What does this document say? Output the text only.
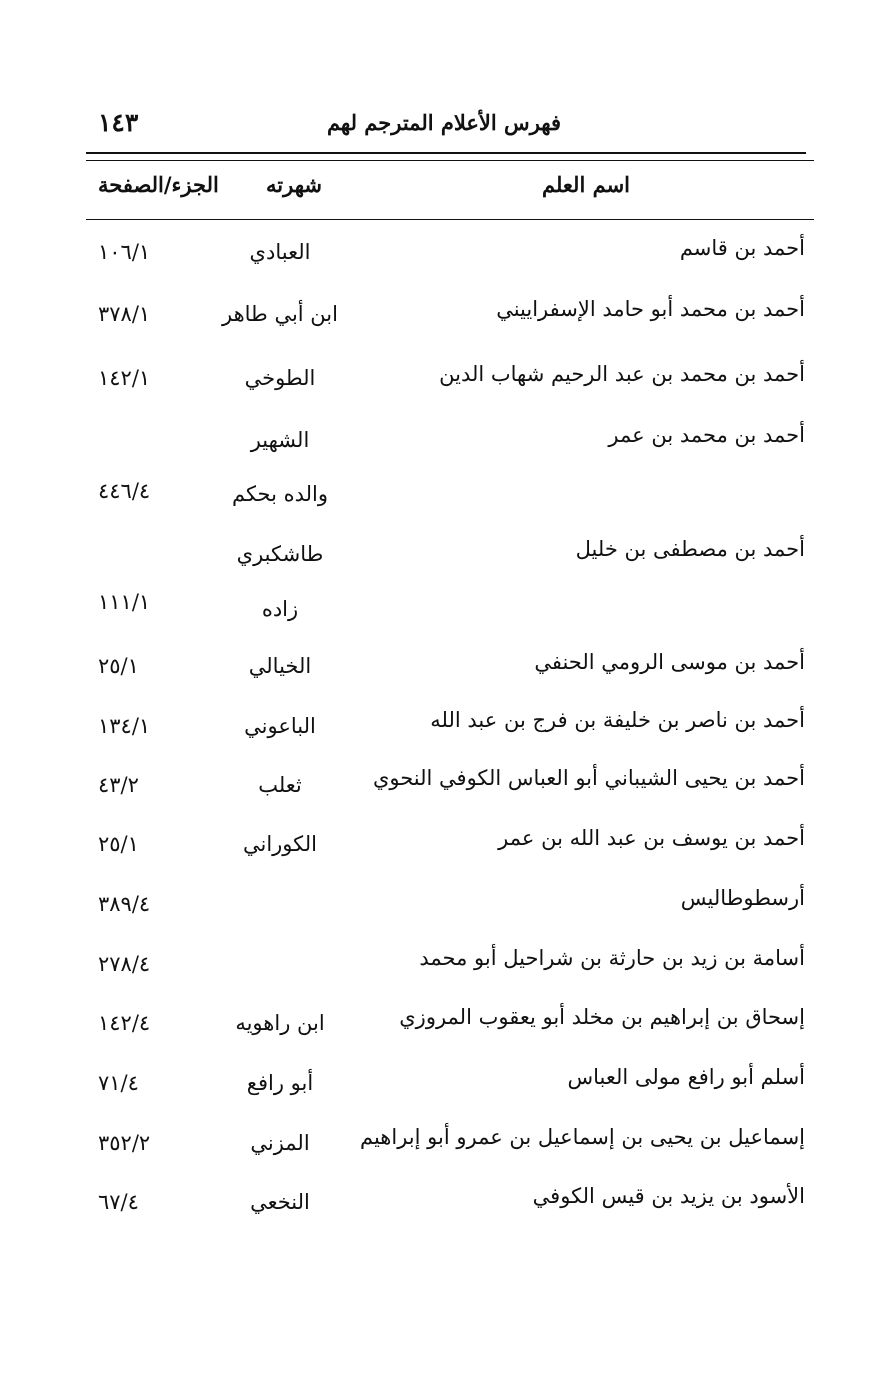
فهرس الأعلام المترجم لهم
١٤٣
اسم العلم
شهرته
الجزء/الصفحة
أحمد بن قاسم
العبادي
١٠٦/١
أحمد بن محمد أبو حامد الإسفراييني
ابن أبي طاهر
٣٧٨/١
أحمد بن محمد بن عبد الرحيم شهاب الدين
الطوخي
١٤٢/١
أحمد بن محمد بن عمر
الشهير
والده بحكم
٤٤٦/٤
أحمد بن مصطفى بن خليل
طاشكبري
زاده
١١١/١
أحمد بن موسى الرومي الحنفي
الخيالي
٢٥/١
أحمد بن ناصر بن خليفة بن فرج بن عبد الله
الباعوني
١٣٤/١
أحمد بن يحيى الشيباني أبو العباس الكوفي النحوي
ثعلب
٤٣/٢
أحمد بن يوسف بن عبد الله بن عمر
الكوراني
٢٥/١
أرسطوطاليس
٣٨٩/٤
أسامة بن زيد بن حارثة بن شراحيل أبو محمد
٢٧٨/٤
إسحاق بن إبراهيم بن مخلد أبو يعقوب المروزي
ابن راهويه
١٤٢/٤
أسلم أبو رافع مولى العباس
أبو رافع
٧١/٤
إسماعيل بن يحيى بن إسماعيل بن عمرو أبو إبراهيم
المزني
٣٥٢/٢
الأسود بن يزيد بن قيس الكوفي
النخعي
٦٧/٤
